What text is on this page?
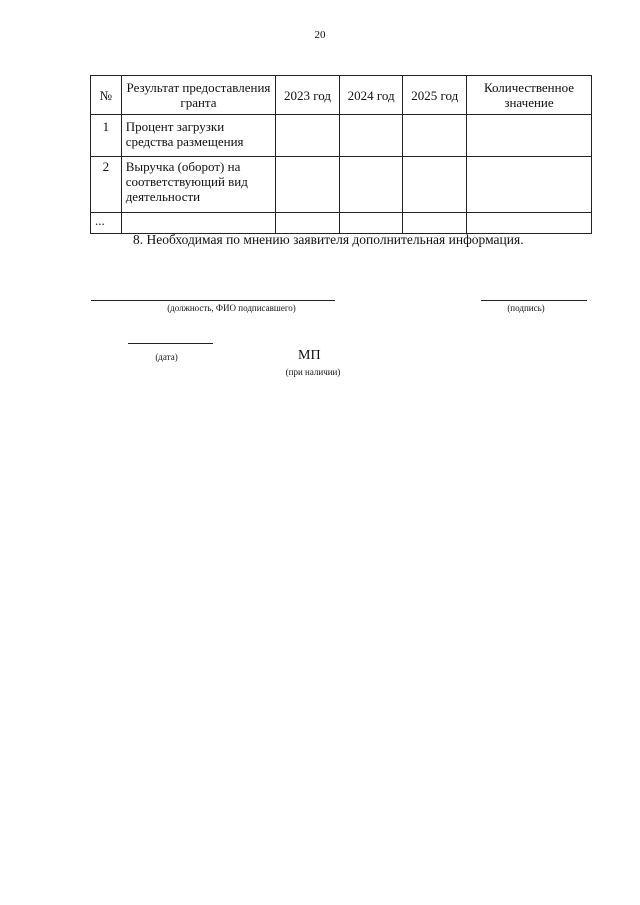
20
№	Результат предоставления гранта	2023 год	2024 год	2025 год	Количественное значение
1	Процент загрузки средства размещения				
2	Выручка (оборот) на соответствующий вид деятельности				
...					
8. Необходимая по мнению заявителя дополнительная информация.
(должность, ФИО подписавшего)	(подпись)
(дата)	МП
(при наличии)
